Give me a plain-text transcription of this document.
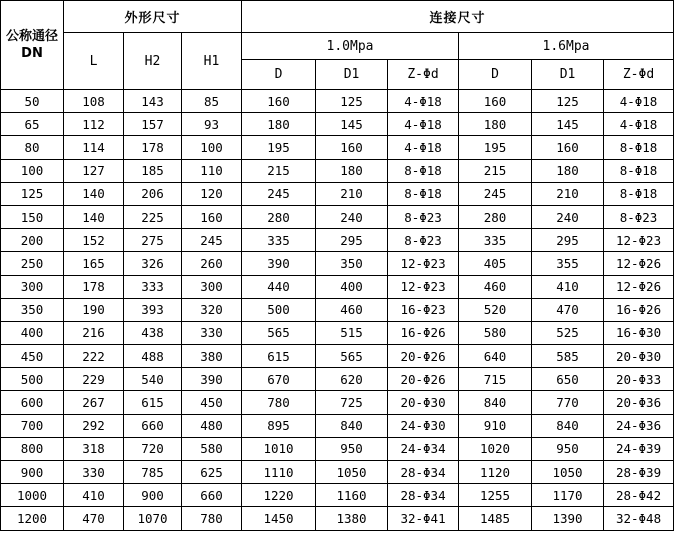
公称通径DN	外形尺寸			连接尺寸					
	L	H2	H1	1.0Mpa			1.6Mpa		
				D	D1	Z-Φd	D	D1	Z-Φd
50	108	143	85	160	125	4-Φ18	160	125	4-Φ18
65	112	157	93	180	145	4-Φ18	180	145	4-Φ18
80	114	178	100	195	160	4-Φ18	195	160	8-Φ18
100	127	185	110	215	180	8-Φ18	215	180	8-Φ18
125	140	206	120	245	210	8-Φ18	245	210	8-Φ18
150	140	225	160	280	240	8-Φ23	280	240	8-Φ23
200	152	275	245	335	295	8-Φ23	335	295	12-Φ23
250	165	326	260	390	350	12-Φ23	405	355	12-Φ26
300	178	333	300	440	400	12-Φ23	460	410	12-Φ26
350	190	393	320	500	460	16-Φ23	520	470	16-Φ26
400	216	438	330	565	515	16-Φ26	580	525	16-Φ30
450	222	488	380	615	565	20-Φ26	640	585	20-Φ30
500	229	540	390	670	620	20-Φ26	715	650	20-Φ33
600	267	615	450	780	725	20-Φ30	840	770	20-Φ36
700	292	660	480	895	840	24-Φ30	910	840	24-Φ36
800	318	720	580	1010	950	24-Φ34	1020	950	24-Φ39
900	330	785	625	1110	1050	28-Φ34	1120	1050	28-Φ39
1000	410	900	660	1220	1160	28-Φ34	1255	1170	28-Φ42
1200	470	1070	780	1450	1380	32-Φ41	1485	1390	32-Φ48
